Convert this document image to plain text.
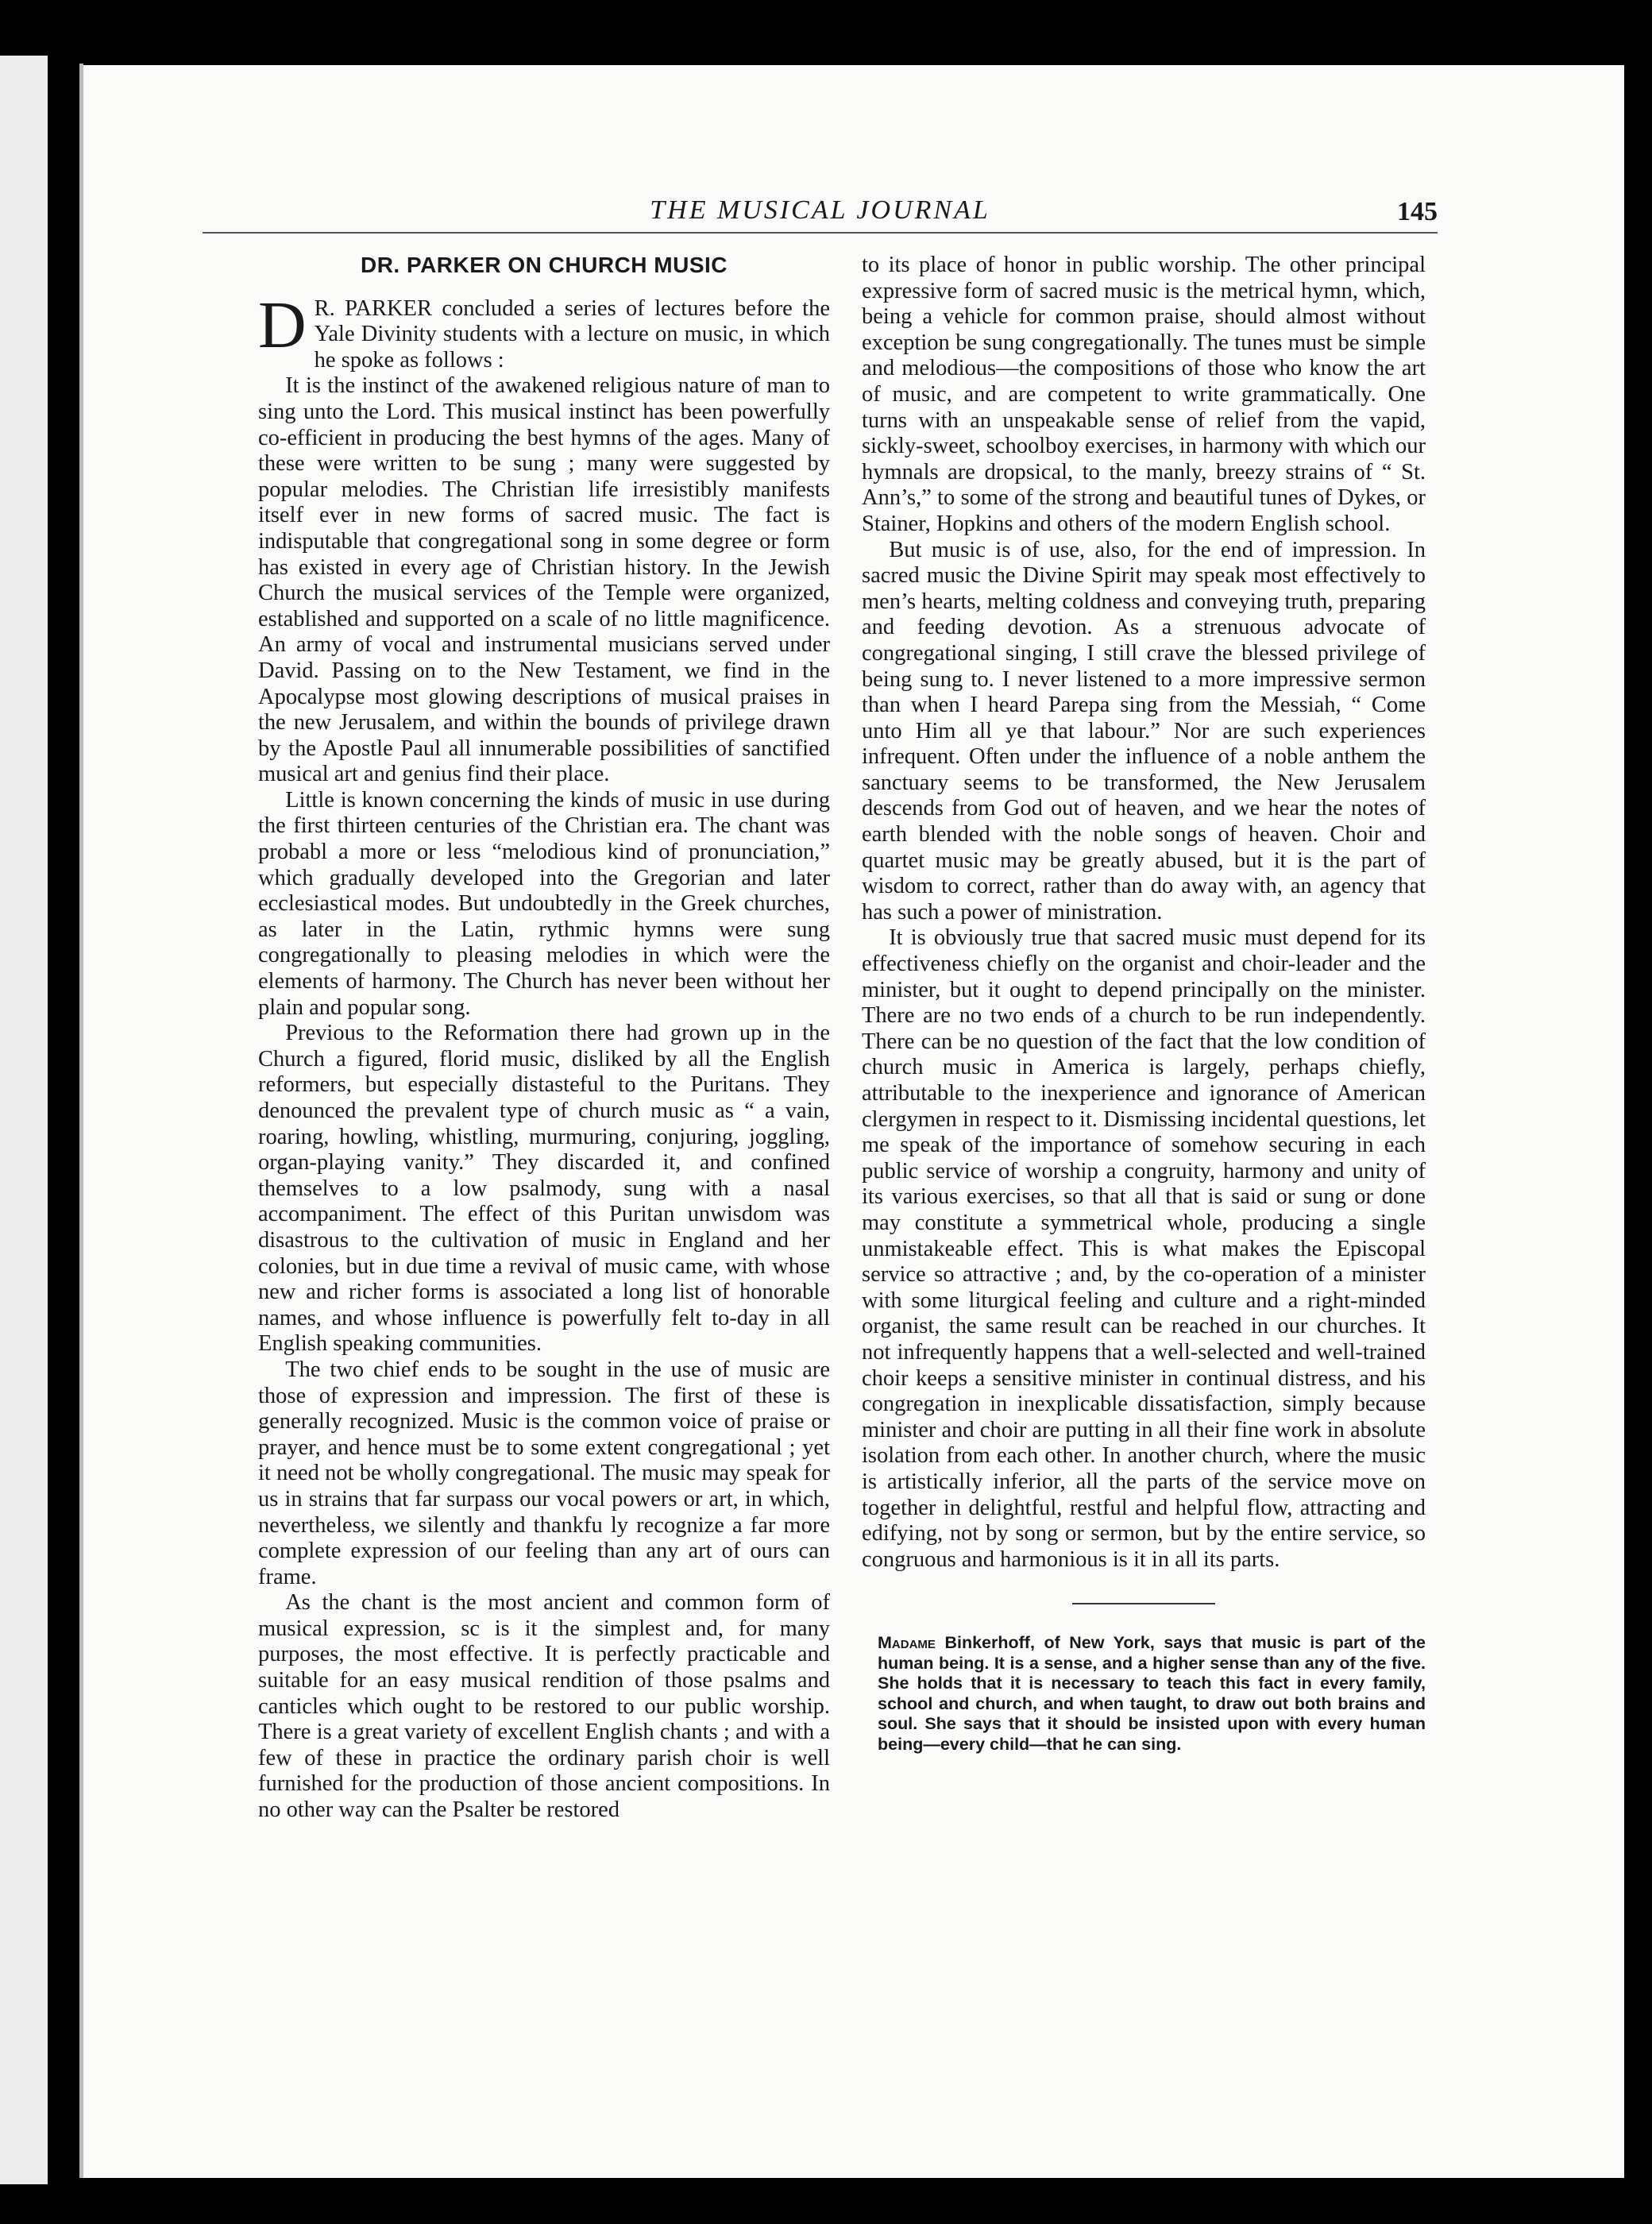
THE MUSICAL JOURNAL	145
DR. PARKER ON CHURCH MUSIC

D R. PARKER concluded a series of lectures before the Yale Divinity students with a lecture on music, in which he spoke as follows :

It is the instinct of the awakened religious nature of man to sing unto the Lord. This musical instinct has been powerfully co-efficient in producing the best hymns of the ages. Many of these were written to be sung ; many were suggested by popular melodies. The Christian life irresistibly manifests itself ever in new forms of sacred music. The fact is indisputable that congregational song in some degree or form has existed in every age of Christian history. In the Jewish Church the musical services of the Temple were organized, established and supported on a scale of no little magnificence. An army of vocal and instrumental musicians served under David. Passing on to the New Testament, we find in the Apocalypse most glowing descriptions of musical praises in the new Jerusalem, and within the bounds of privilege drawn by the Apostle Paul all innumerable possibilities of sanctified musical art and genius find their place.

Little is known concerning the kinds of music in use during the first thirteen centuries of the Christian era. The chant was probabl a more or less “melodious kind of pronunciation,” which gradually developed into the Gregorian and later ecclesiastical modes. But undoubtedly in the Greek churches, as later in the Latin, rythmic hymns were sung congregationally to pleasing melodies in which were the elements of harmony. The Church has never been without her plain and popular song.

Previous to the Reformation there had grown up in the Church a figured, florid music, disliked by all the English reformers, but especially distasteful to the Puritans. They denounced the prevalent type of church music as “ a vain, roaring, howling, whistling, murmuring, conjuring, joggling, organ-playing vanity.” They discarded it, and confined themselves to a low psalmody, sung with a nasal accompaniment. The effect of this Puritan unwisdom was disastrous to the cultivation of music in England and her colonies, but in due time a revival of music came, with whose new and richer forms is associated a long list of honorable names, and whose influence is powerfully felt to-day in all English speaking communities.

The two chief ends to be sought in the use of music are those of expression and impression. The first of these is generally recognized. Music is the common voice of praise or prayer, and hence must be to some extent congregational ; yet it need not be wholly congregational. The music may speak for us in strains that far surpass our vocal powers or art, in which, nevertheless, we silently and thankfu ly recognize a far more complete expression of our feeling than any art of ours can frame.

As the chant is the most ancient and common form of musical expression, sc is it the simplest and, for many purposes, the most effective. It is perfectly practicable and suitable for an easy musical rendition of those psalms and canticles which ought to be restored to our public worship. There is a great variety of excellent English chants ; and with a few of these in practice the ordinary parish choir is well furnished for the production of those ancient compositions. In no other way can the Psalter be restored

to its place of honor in public worship. The other principal expressive form of sacred music is the metrical hymn, which, being a vehicle for common praise, should almost without exception be sung congregationally. The tunes must be simple and melodious—the compositions of those who know the art of music, and are competent to write grammatically. One turns with an unspeakable sense of relief from the vapid, sickly-sweet, schoolboy exercises, in harmony with which our hymnals are dropsical, to the manly, breezy strains of “ St. Ann’s,” to some of the strong and beautiful tunes of Dykes, or Stainer, Hopkins and others of the modern English school.

But music is of use, also, for the end of impression. In sacred music the Divine Spirit may speak most effectively to men’s hearts, melting coldness and conveying truth, preparing and feeding devotion. As a strenuous advocate of congregational singing, I still crave the blessed privilege of being sung to. I never listened to a more impressive sermon than when I heard Parepa sing from the Messiah, “ Come unto Him all ye that labour.” Nor are such experiences infrequent. Often under the influence of a noble anthem the sanctuary seems to be transformed, the New Jerusalem descends from God out of heaven, and we hear the notes of earth blended with the noble songs of heaven. Choir and quartet music may be greatly abused, but it is the part of wisdom to correct, rather than do away with, an agency that has such a power of ministration.

It is obviously true that sacred music must depend for its effectiveness chiefly on the organist and choir-leader and the minister, but it ought to depend principally on the minister. There are no two ends of a church to be run independently. There can be no question of the fact that the low condition of church music in America is largely, perhaps chiefly, attributable to the inexperience and ignorance of American clergymen in respect to it. Dismissing incidental questions, let me speak of the importance of somehow securing in each public service of worship a congruity, harmony and unity of its various exercises, so that all that is said or sung or done may constitute a symmetrical whole, producing a single unmistakeable effect. This is what makes the Episcopal service so attractive ; and, by the co-operation of a minister with some liturgical feeling and culture and a right-minded organist, the same result can be reached in our churches. It not infrequently happens that a well-selected and well-trained choir keeps a sensitive minister in continual distress, and his congregation in inexplicable dissatisfaction, simply because minister and choir are putting in all their fine work in absolute isolation from each other. In another church, where the music is artistically inferior, all the parts of the service move on together in delightful, restful and helpful flow, attracting and edifying, not by song or sermon, but by the entire service, so congruous and harmonious is it in all its parts.

Madame Binkerhoff, of New York, says that music is part of the human being. It is a sense, and a higher sense than any of the five. She holds that it is necessary to teach this fact in every family, school and church, and when taught, to draw out both brains and soul. She says that it should be insisted upon with every human being—every child—that he can sing.
